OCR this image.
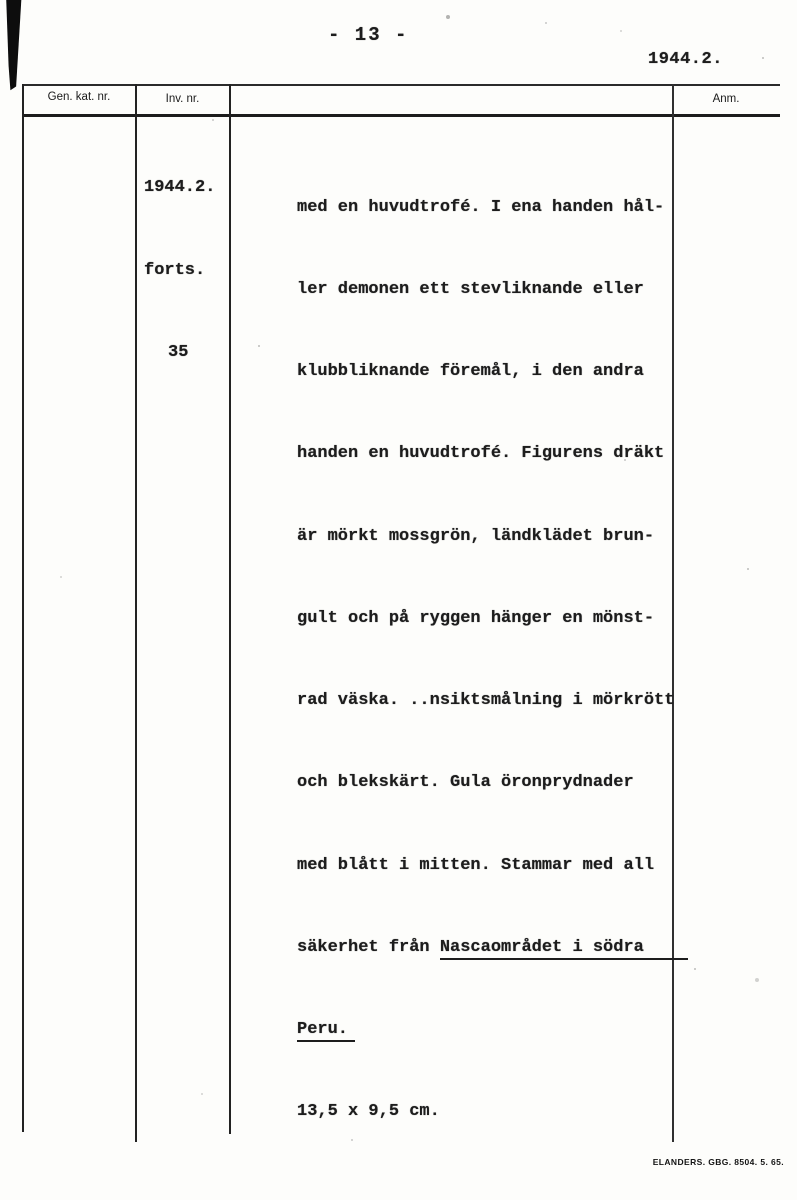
- 13 -
1944.2.
Gen. kat. nr.	Inv. nr.	Anm.

1944.2.

forts.

35

med en huvudtrofé. I ena handen hål-

ler demonen ett stevliknande eller

klubbliknande föremål, i den andra

handen en huvudtrofé. Figurens dräkt

är mörkt mossgrön, ländklädet brun-

gult och på ryggen hänger en mönst-

rad väska. ..nsiktsmålning i mörkrött

och blekskärt. Gula öronprydnader

med blått i mitten. Stammar med all

säkerhet från Nascaområdet i södra

Peru.

13,5 x 9,5 cm.

ELANDERS. GBG. 8504. 5. 65.
